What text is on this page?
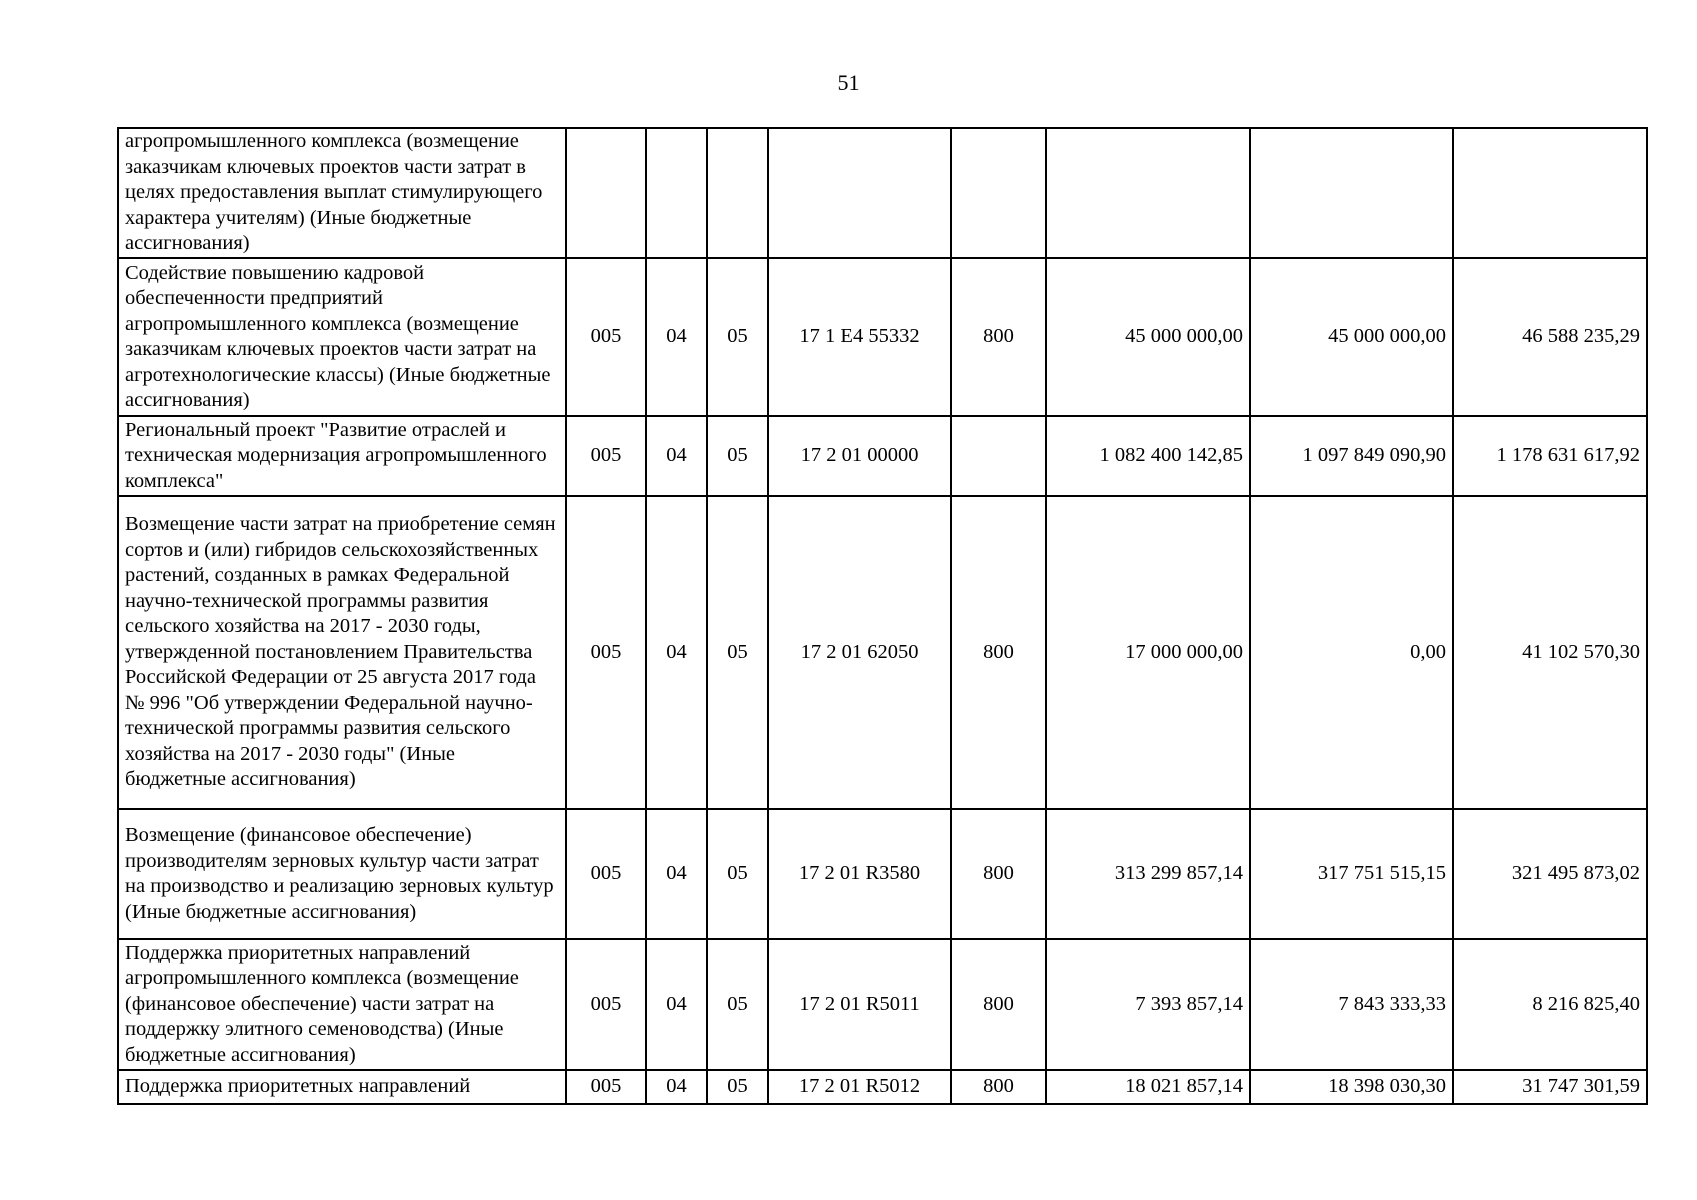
51
агропромышленного комплекса (возмещение заказчикам ключевых проектов части затрат в целях предоставления выплат стимулирующего характера учителям) (Иные бюджетные ассигнования)								
Содействие повышению кадровой обеспеченности предприятий агропромышленного комплекса (возмещение заказчикам ключевых проектов части затрат на агротехнологические классы) (Иные бюджетные ассигнования)	005	04	05	17 1 Е4 55332	800	45 000 000,00	45 000 000,00	46 588 235,29
Региональный проект "Развитие отраслей и техническая модернизация агропромышленного комплекса"	005	04	05	17 2 01 00000		1 082 400 142,85	1 097 849 090,90	1 178 631 617,92
Возмещение части затрат на приобретение семян сортов и (или) гибридов сельскохозяйственных растений, созданных в рамках Федеральной научно-технической программы развития сельского хозяйства на 2017 - 2030 годы, утвержденной постановлением Правительства Российской Федерации от 25 августа 2017 года № 996 "Об утверждении Федеральной научно-технической программы развития сельского хозяйства на 2017 - 2030 годы" (Иные бюджетные ассигнования)	005	04	05	17 2 01 62050	800	17 000 000,00	0,00	41 102 570,30
Возмещение (финансовое обеспечение) производителям зерновых культур части затрат на производство и реализацию зерновых культур (Иные бюджетные ассигнования)	005	04	05	17 2 01 R3580	800	313 299 857,14	317 751 515,15	321 495 873,02
Поддержка приоритетных направлений агропромышленного комплекса (возмещение (финансовое обеспечение) части затрат на поддержку элитного семеноводства) (Иные бюджетные ассигнования)	005	04	05	17 2 01 R5011	800	7 393 857,14	7 843 333,33	8 216 825,40
Поддержка приоритетных направлений	005	04	05	17 2 01 R5012	800	18 021 857,14	18 398 030,30	31 747 301,59
